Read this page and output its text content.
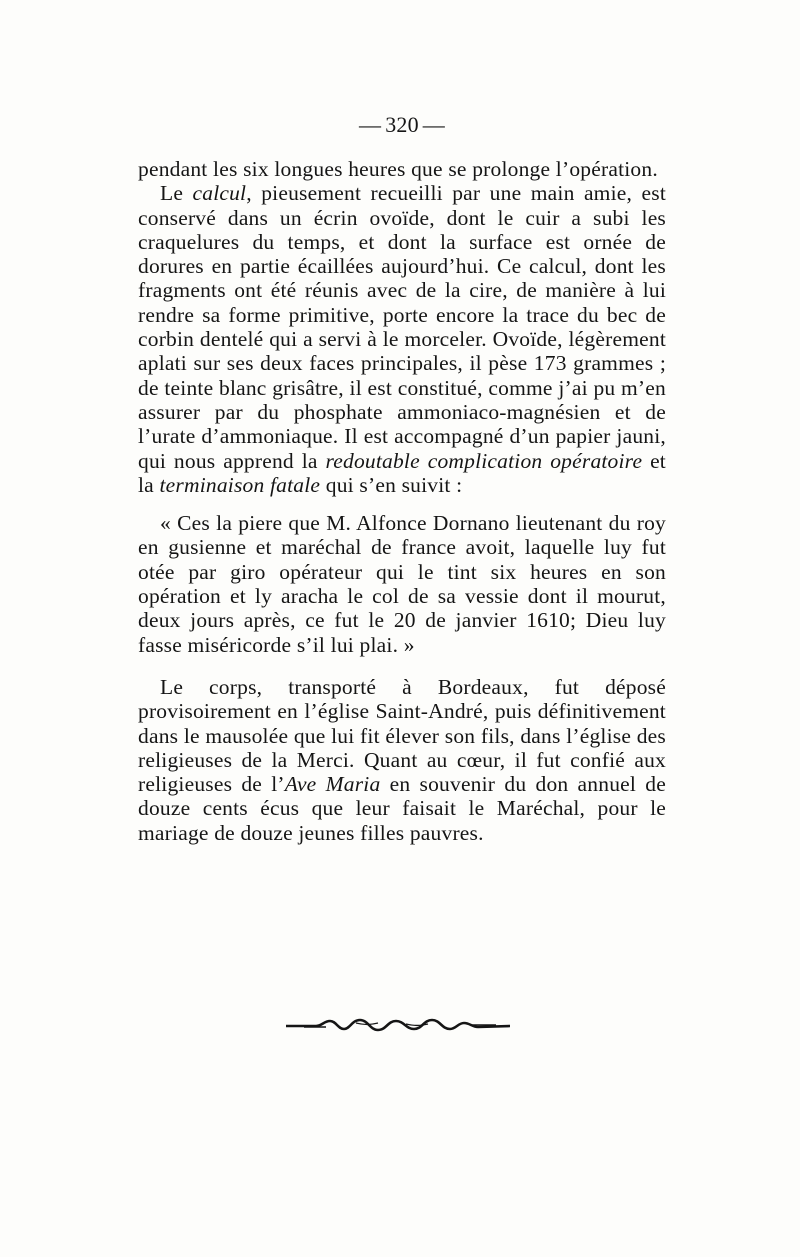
— 320 —

pendant les six longues heures que se prolonge l’opération.

Le calcul, pieusement recueilli par une main amie, est conservé dans un écrin ovoïde, dont le cuir a subi les craquelures du temps, et dont la surface est ornée de dorures en partie écaillées aujourd’hui. Ce calcul, dont les fragments ont été réunis avec de la cire, de manière à lui rendre sa forme primitive, porte encore la trace du bec de corbin dentelé qui a servi à le morceler. Ovoïde, légèrement aplati sur ses deux faces principales, il pèse 173 grammes ; de teinte blanc grisâtre, il est constitué, comme j’ai pu m’en assurer par du phosphate ammoniaco-magnésien et de l’urate d’ammoniaque. Il est accompagné d’un papier jauni, qui nous apprend la redoutable complication opératoire et la terminaison fatale qui s’en suivit :

« Ces la piere que M. Alfonce Dornano lieutenant du roy en gusienne et maréchal de france avoit, laquelle luy fut otée par giro opérateur qui le tint six heures en son opération et ly aracha le col de sa vessie dont il mourut, deux jours après, ce fut le 20 de janvier 1610; Dieu luy fasse miséricorde s’il lui plai. »

Le corps, transporté à Bordeaux, fut déposé provisoirement en l’église Saint-André, puis définitivement dans le mausolée que lui fit élever son fils, dans l’église des religieuses de la Merci. Quant au cœur, il fut confié aux religieuses de l’Ave Maria en souvenir du don annuel de douze cents écus que leur faisait le Maréchal, pour le mariage de douze jeunes filles pauvres.
